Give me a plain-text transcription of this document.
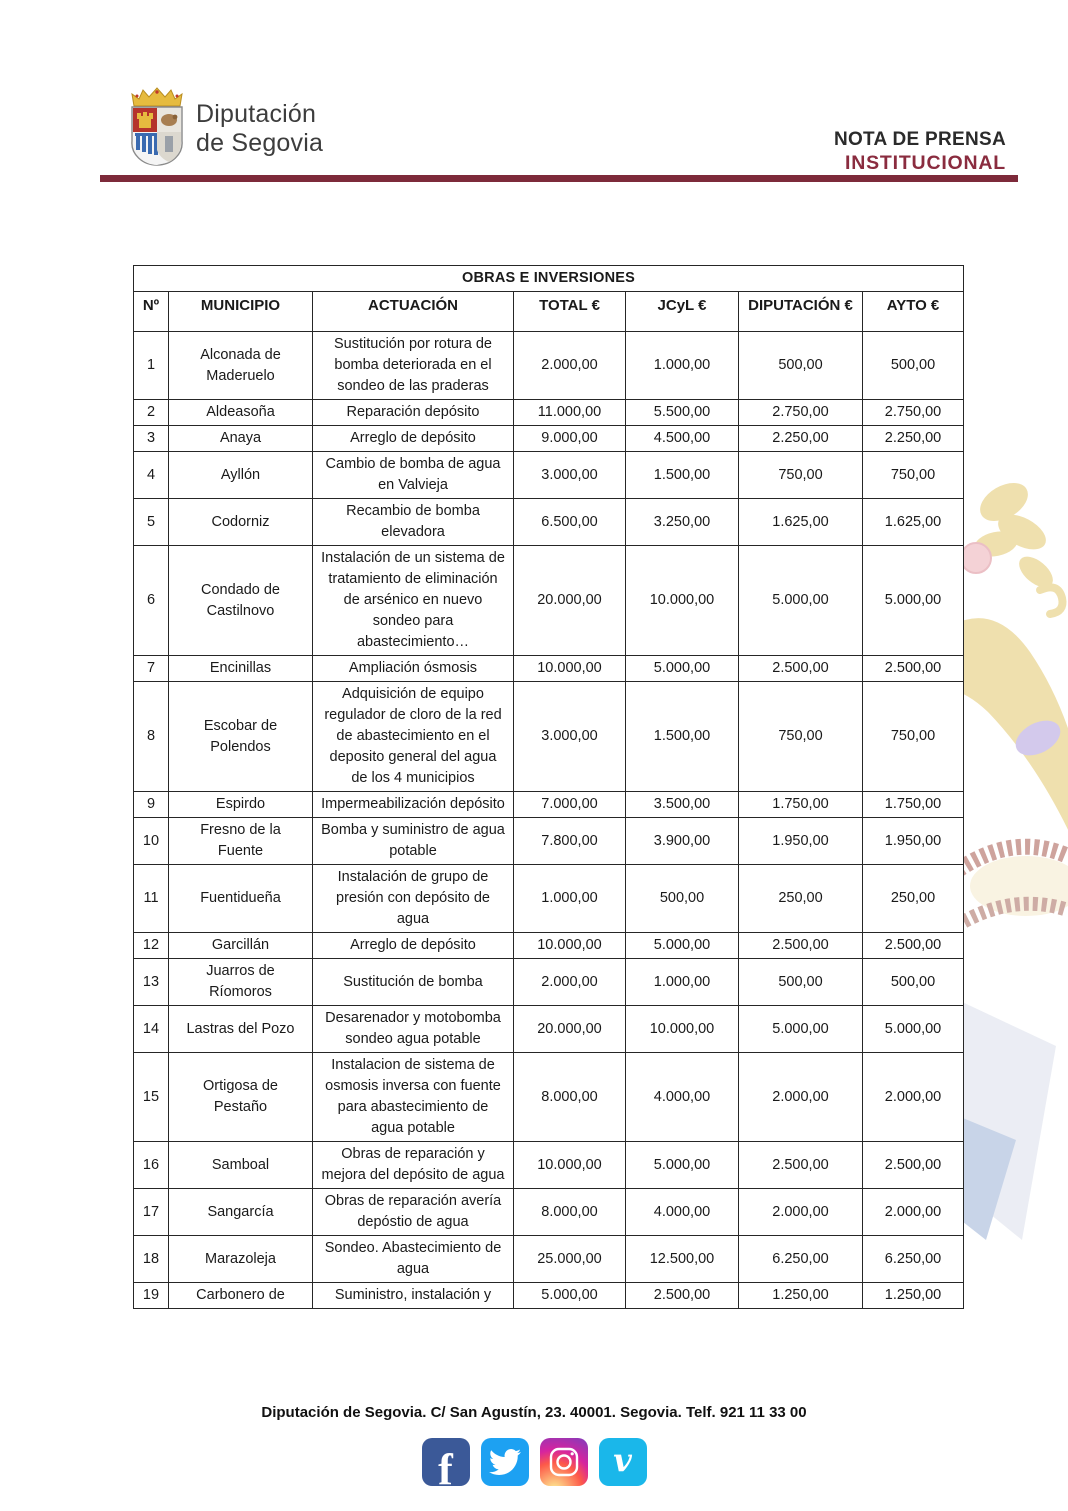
Diputación
de Segovia	NOTA DE PRENSA
INSTITUCIONAL
OBRAS E INVERSIONES						
Nº	MUNICIPIO	ACTUACIÓN	TOTAL €	JCyL €	DIPUTACIÓN €	AYTO €
1	Alconada de Maderuelo	Sustitución por rotura de bomba deteriorada en el sondeo de las praderas	2.000,00	1.000,00	500,00	500,00
2	Aldeasoña	Reparación depósito	11.000,00	5.500,00	2.750,00	2.750,00
3	Anaya	Arreglo de depósito	9.000,00	4.500,00	2.250,00	2.250,00
4	Ayllón	Cambio de bomba de agua en Valvieja	3.000,00	1.500,00	750,00	750,00
5	Codorniz	Recambio de bomba elevadora	6.500,00	3.250,00	1.625,00	1.625,00
6	Condado de Castilnovo	Instalación de un sistema de tratamiento de eliminación de arsénico en nuevo sondeo para abastecimiento…	20.000,00	10.000,00	5.000,00	5.000,00
7	Encinillas	Ampliación ósmosis	10.000,00	5.000,00	2.500,00	2.500,00
8	Escobar de Polendos	Adquisición de equipo regulador de cloro de la red de abastecimiento en el deposito general del agua de los 4 municipios	3.000,00	1.500,00	750,00	750,00
9	Espirdo	Impermeabilización depósito	7.000,00	3.500,00	1.750,00	1.750,00
10	Fresno de la Fuente	Bomba y suministro de agua potable	7.800,00	3.900,00	1.950,00	1.950,00
11	Fuentidueña	Instalación de grupo de presión con depósito de agua	1.000,00	500,00	250,00	250,00
12	Garcillán	Arreglo de depósito	10.000,00	5.000,00	2.500,00	2.500,00
13	Juarros de Ríomoros	Sustitución de bomba	2.000,00	1.000,00	500,00	500,00
14	Lastras del Pozo	Desarenador y motobomba sondeo agua potable	20.000,00	10.000,00	5.000,00	5.000,00
15	Ortigosa de Pestaño	Instalacion de sistema de osmosis inversa con fuente para abastecimiento de agua potable	8.000,00	4.000,00	2.000,00	2.000,00
16	Samboal	Obras de reparación y mejora del depósito de agua	10.000,00	5.000,00	2.500,00	2.500,00
17	Sangarcía	Obras de reparación avería depóstio de agua	8.000,00	4.000,00	2.000,00	2.000,00
18	Marazoleja	Sondeo. Abastecimiento de agua	25.000,00	12.500,00	6.250,00	6.250,00
19	Carbonero de	Suministro, instalación y	5.000,00	2.500,00	1.250,00	1.250,00
Diputación de Segovia. C/ San Agustín, 23. 40001. Segovia. Telf. 921 11 33 00
f	v
